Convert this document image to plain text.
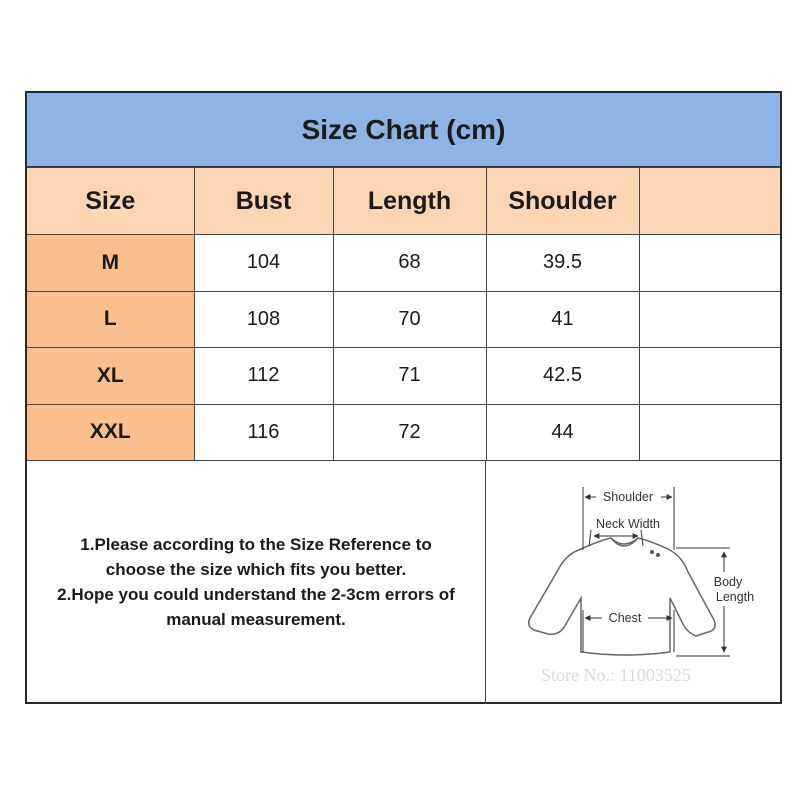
Size Chart (cm)
Size	Bust	Length	Shoulder	
M	104	68	39.5	
L	108	70	41	
XL	112	71	42.5	
XXL	116	72	44	
1.Please according to the Size Reference to
choose the size which fits you better.
2.Hope you could understand the 2-3cm errors of
manual measurement.
Shoulder
Neck Width
Chest
Body
Length
Store No.: 11003525
